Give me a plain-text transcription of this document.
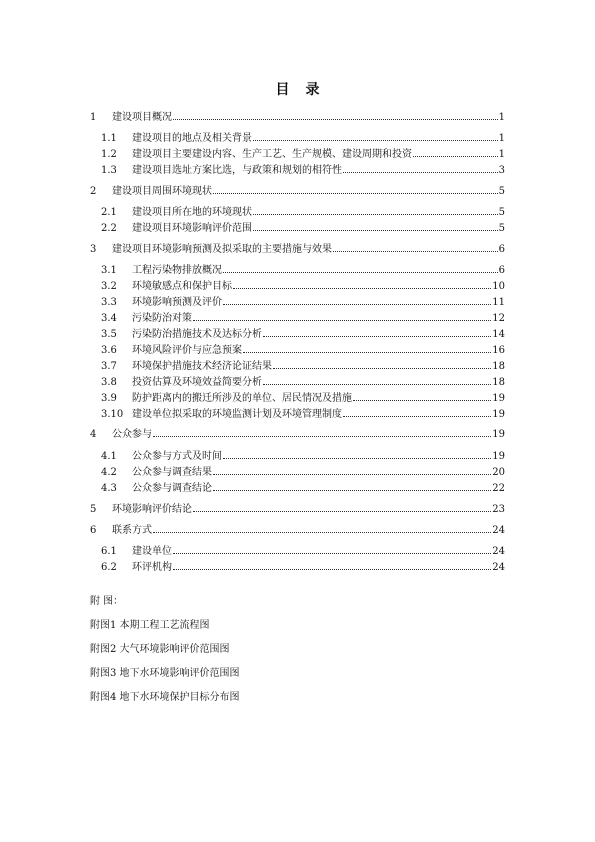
目 录
1	建设项目概况	1
1.1	建设项目的地点及相关背景	1
1.2	建设项目主要建设内容、生产工艺、生产规模、建设周期和投资	1
1.3	建设项目选址方案比选，与政策和规划的相符性	3
2	建设项目周围环境现状	5
2.1	建设项目所在地的环境现状	5
2.2	建设项目环境影响评价范围	5
3	建设项目环境影响预测及拟采取的主要措施与效果	6
3.1	工程污染物排放概况	6
3.2	环境敏感点和保护目标	10
3.3	环境影响预测及评价	11
3.4	污染防治对策	12
3.5	污染防治措施技术及达标分析	14
3.6	环境风险评价与应急预案	16
3.7	环境保护措施技术经济论证结果	18
3.8	投资估算及环境效益简要分析	18
3.9	防护距离内的搬迁所涉及的单位、居民情况及措施	19
3.10 建设单位拟采取的环境监测计划及环境管理制度	19
4	公众参与	19
4.1	公众参与方式及时间	19
4.2	公众参与调查结果	20
4.3	公众参与调查结论	22
5	环境影响评价结论	23
6	联系方式	24
6.1	建设单位	24
6.2	环评机构	24
附 图：
附图1 本期工程工艺流程图
附图2 大气环境影响评价范围图
附图3 地下水环境影响评价范围图
附图4 地下水环境保护目标分布图
